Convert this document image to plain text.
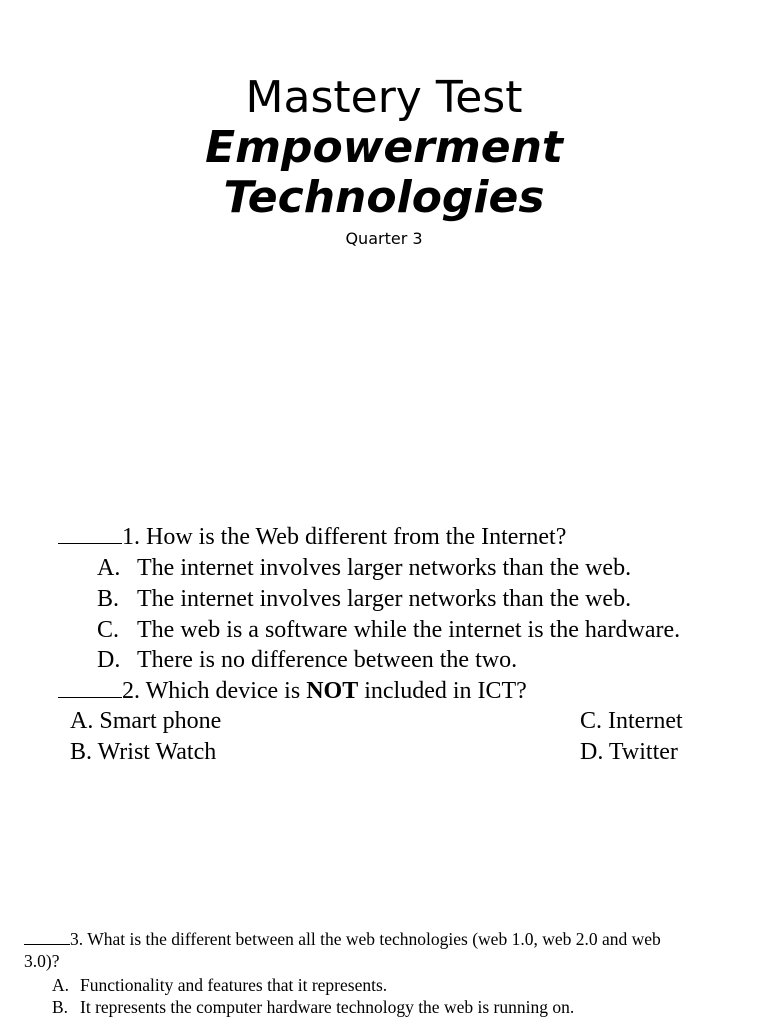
Mastery Test
Empowerment
Technologies
Quarter 3
1. How is the Web different from the Internet?
A. The internet involves larger networks than the web.
B. The internet involves larger networks than the web.
C. The web is a software while the internet is the hardware.
D. There is no difference between the two.
2. Which device is NOT included in ICT?
A. Smart phone
B. Wrist Watch
C. Internet
D. Twitter
3. What is the different between all the web technologies (web 1.0, web 2.0 and web
3.0)?
A. Functionality and features that it represents.
B. It represents the computer hardware technology the web is running on.
